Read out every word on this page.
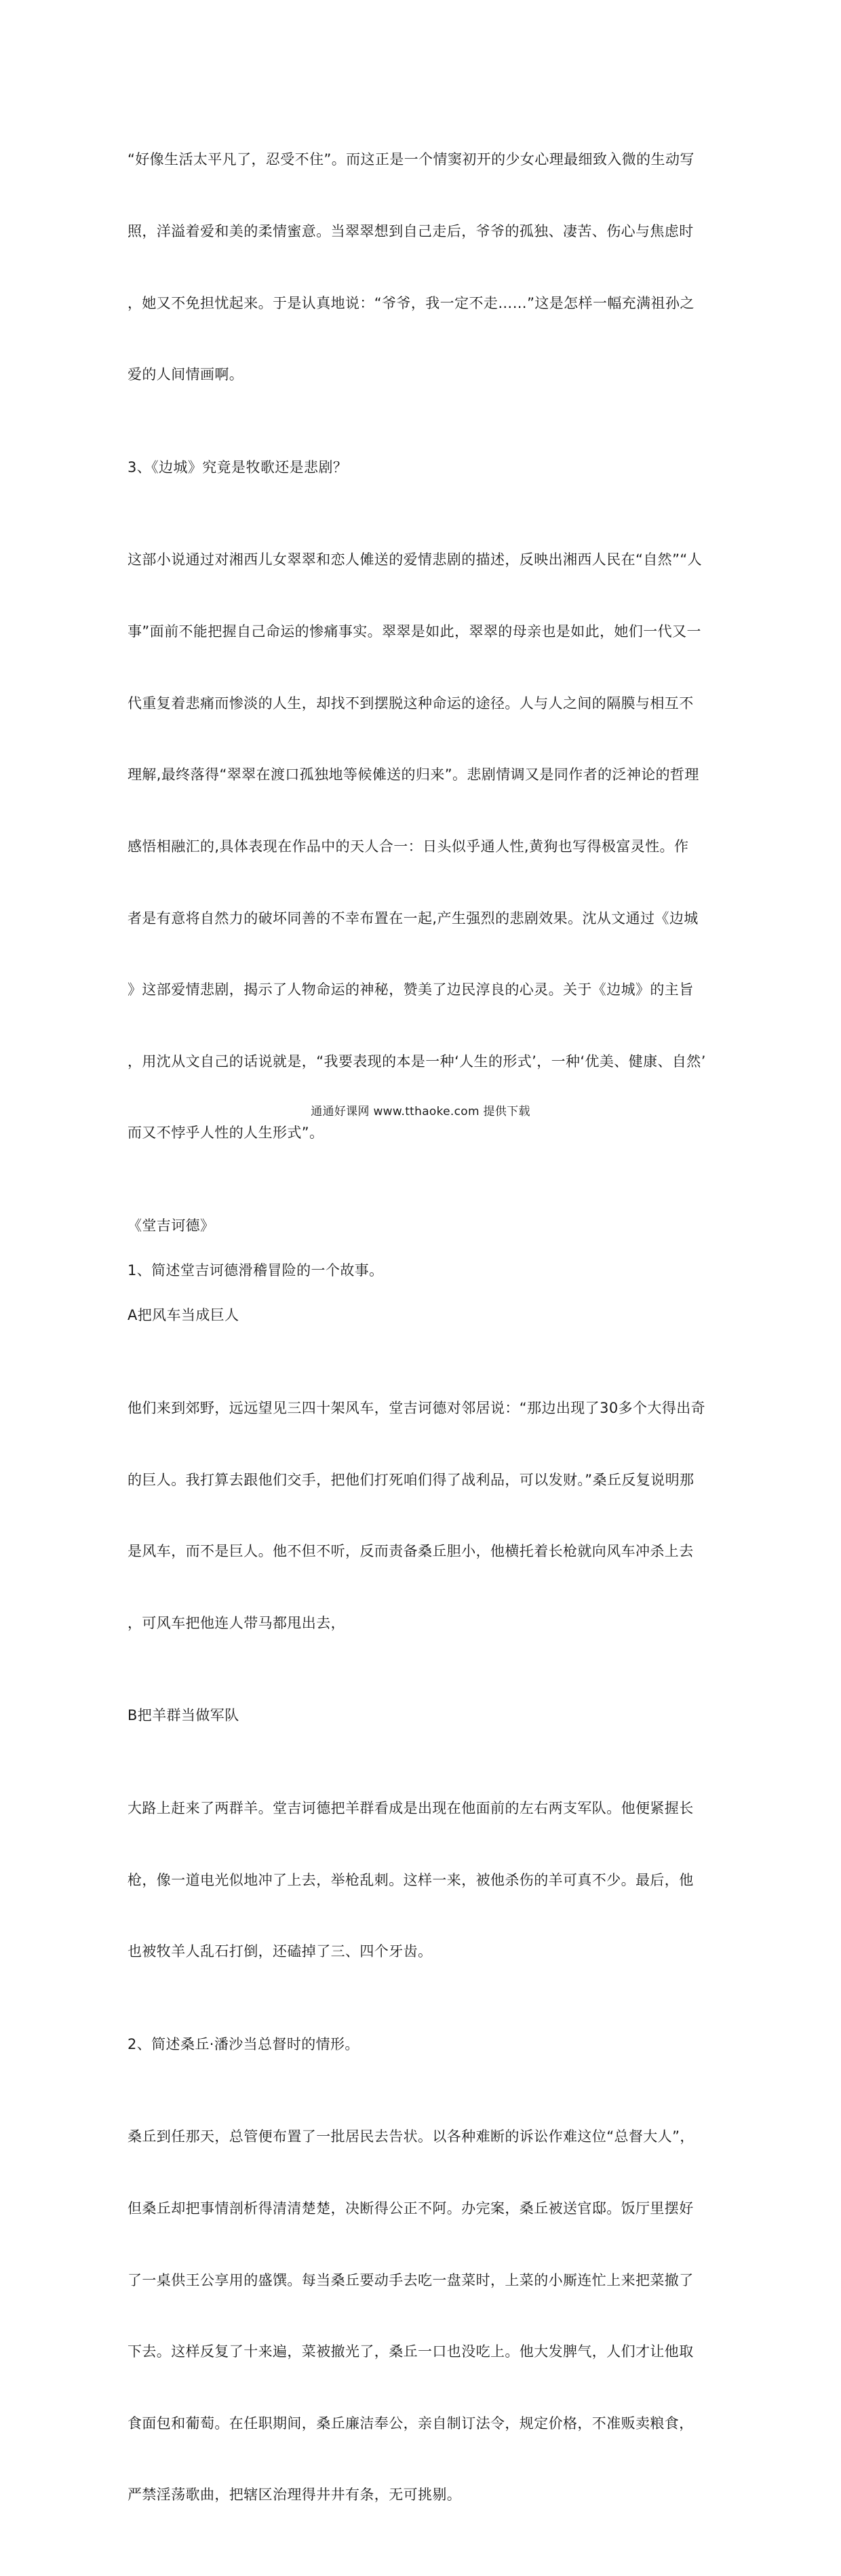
“好像生活太平凡了，忍受不住”。而这正是一个情窦初开的少女心理最细致入微的生动写

照，洋溢着爱和美的柔情蜜意。当翠翠想到自己走后，爷爷的孤独、凄苦、伤心与焦虑时

，她又不免担忧起来。于是认真地说：“爷爷，我一定不走……”这是怎样一幅充满祖孙之

爱的人间情画啊。

3、《边城》究竟是牧歌还是悲剧？

这部小说通过对湘西儿女翠翠和恋人傩送的爱情悲剧的描述，反映出湘西人民在“自然”“人

事”面前不能把握自己命运的惨痛事实。翠翠是如此，翠翠的母亲也是如此，她们一代又一

代重复着悲痛而惨淡的人生，却找不到摆脱这种命运的途径。人与人之间的隔膜与相互不

理解,最终落得“翠翠在渡口孤独地等候傩送的归来”。悲剧情调又是同作者的泛神论的哲理

感悟相融汇的,具体表现在作品中的天人合一：日头似乎通人性,黄狗也写得极富灵性。作

者是有意将自然力的破坏同善的不幸布置在一起,产生强烈的悲剧效果。沈从文通过《边城

》这部爱情悲剧，揭示了人物命运的神秘，赞美了边民淳良的心灵。关于《边城》的主旨

，用沈从文自己的话说就是，“我要表现的本是一种‘人生的形式’，一种‘优美、健康、自然’

而又不悖乎人性的人生形式”。

《堂吉诃德》

1、简述堂吉诃德滑稽冒险的一个故事。

A把风车当成巨人

他们来到郊野，远远望见三四十架风车，堂吉诃德对邻居说：“那边出现了30多个大得出奇

的巨人。我打算去跟他们交手，把他们打死咱们得了战利品，可以发财。”桑丘反复说明那

是风车，而不是巨人。他不但不听，反而责备桑丘胆小，他横托着长枪就向风车冲杀上去

，可风车把他连人带马都甩出去，

B把羊群当做军队

大路上赶来了两群羊。堂吉诃德把羊群看成是出现在他面前的左右两支军队。他便紧握长

枪，像一道电光似地冲了上去，举枪乱刺。这样一来，被他杀伤的羊可真不少。最后，他

也被牧羊人乱石打倒，还磕掉了三、四个牙齿。

2、简述桑丘·潘沙当总督时的情形。

桑丘到任那天，总管便布置了一批居民去告状。以各种难断的诉讼作难这位“总督大人”，

但桑丘却把事情剖析得清清楚楚，决断得公正不阿。办完案，桑丘被送官邸。饭厅里摆好

了一桌供王公享用的盛馔。每当桑丘要动手去吃一盘菜时，上菜的小厮连忙上来把菜撤了

下去。这样反复了十来遍，菜被撤光了，桑丘一口也没吃上。他大发脾气，人们才让他取

食面包和葡萄。在任职期间，桑丘廉洁奉公，亲自制订法令，规定价格，不准贩卖粮食，

严禁淫荡歌曲，把辖区治理得井井有条，无可挑剔。

通通好课网 www.tthaoke.com 提供下载
